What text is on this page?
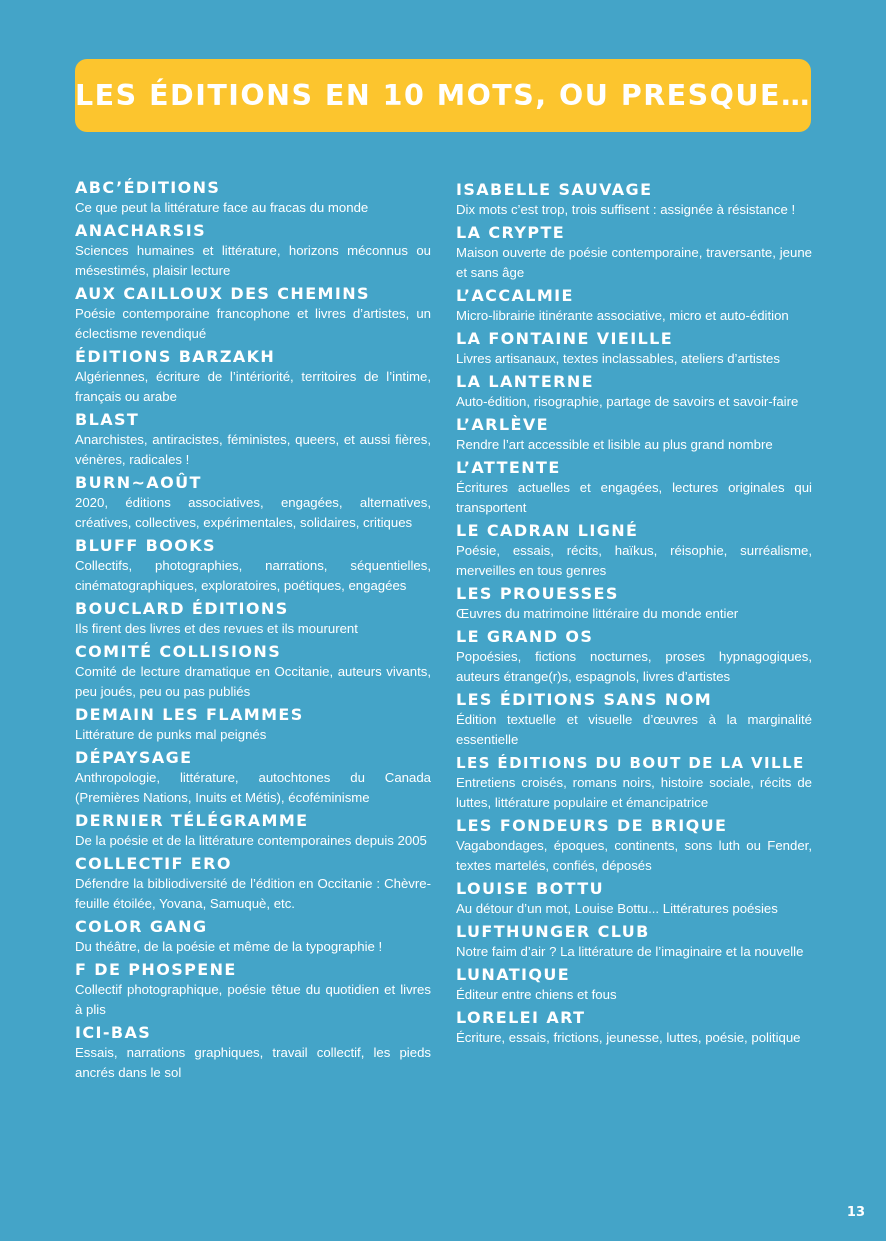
LES ÉDITIONS EN 10 MOTS, OU PRESQUE…
ABC’ÉDITIONS
Ce que peut la littérature face au fracas du monde
ANACHARSIS
Sciences humaines et littérature, horizons méconnus ou mésestimés, plaisir lecture
AUX CAILLOUX DES CHEMINS
Poésie contemporaine francophone et livres d’artistes, un éclectisme revendiqué
ÉDITIONS BARZAKH
Algériennes, écriture de l’intériorité, territoires de l’intime, français ou arabe
BLAST
Anarchistes, antiracistes, féministes, queers, et aussi fières, vénères, radicales !
BURN~AOÛT
2020, éditions associatives, engagées, alternatives, créatives, collectives, expérimentales, solidaires, critiques
BLUFF BOOKS
Collectifs, photographies, narrations, séquentielles, cinématographiques, exploratoires, poétiques, engagées
BOUCLARD ÉDITIONS
Ils firent des livres et des revues et ils moururent
COMITÉ COLLISIONS
Comité de lecture dramatique en Occitanie, auteurs vivants, peu joués, peu ou pas publiés
DEMAIN LES FLAMMES
Littérature de punks mal peignés
DÉPAYSAGE
Anthropologie, littérature, autochtones du Canada (Premières Nations, Inuits et Métis), écoféminisme
DERNIER TÉLÉGRAMME
De la poésie et de la littérature contemporaines depuis 2005
COLLECTIF ERO
Défendre la bibliodiversité de l’édition en Occitanie : Chèvre-feuille étoilée, Yovana, Samuquè, etc.
COLOR GANG
Du théâtre, de la poésie et même de la typographie !
F DE PHOSPENE
Collectif photographique, poésie têtue du quotidien et livres à plis
ICI-BAS
Essais, narrations graphiques, travail collectif, les pieds ancrés dans le sol
ISABELLE SAUVAGE
Dix mots c’est trop, trois suffisent : assignée à résistance !
LA CRYPTE
Maison ouverte de poésie contemporaine, traversante, jeune et sans âge
L’ACCALMIE
Micro-librairie itinérante associative, micro et auto-édition
LA FONTAINE VIEILLE
Livres artisanaux, textes inclassables, ateliers d’artistes
LA LANTERNE
Auto-édition, risographie, partage de savoirs et savoir-faire
L’ARLÈVE
Rendre l’art accessible et lisible au plus grand nombre
L’ATTENTE
Écritures actuelles et engagées, lectures originales qui transportent
LE CADRAN LIGNÉ
Poésie, essais, récits, haïkus, réisophie, surréalisme, merveilles en tous genres
LES PROUESSES
Œuvres du matrimoine littéraire du monde entier
LE GRAND OS
Popoésies, fictions nocturnes, proses hypnagogiques, auteurs étrange(r)s, espagnols, livres d’artistes
LES ÉDITIONS SANS NOM
Édition textuelle et visuelle d’œuvres à la marginalité essentielle
LES ÉDITIONS DU BOUT DE LA VILLE
Entretiens croisés, romans noirs, histoire sociale, récits de luttes, littérature populaire et émancipatrice
LES FONDEURS DE BRIQUE
Vagabondages, époques, continents, sons luth ou Fender, textes martelés, confiés, déposés
LOUISE BOTTU
Au détour d’un mot, Louise Bottu... Littératures poésies
LUFTHUNGER CLUB
Notre faim d’air ? La littérature de l’imaginaire et la nouvelle
LUNATIQUE
Éditeur entre chiens et fous
LORELEI ART
Écriture, essais, frictions, jeunesse, luttes, poésie, politique
13
